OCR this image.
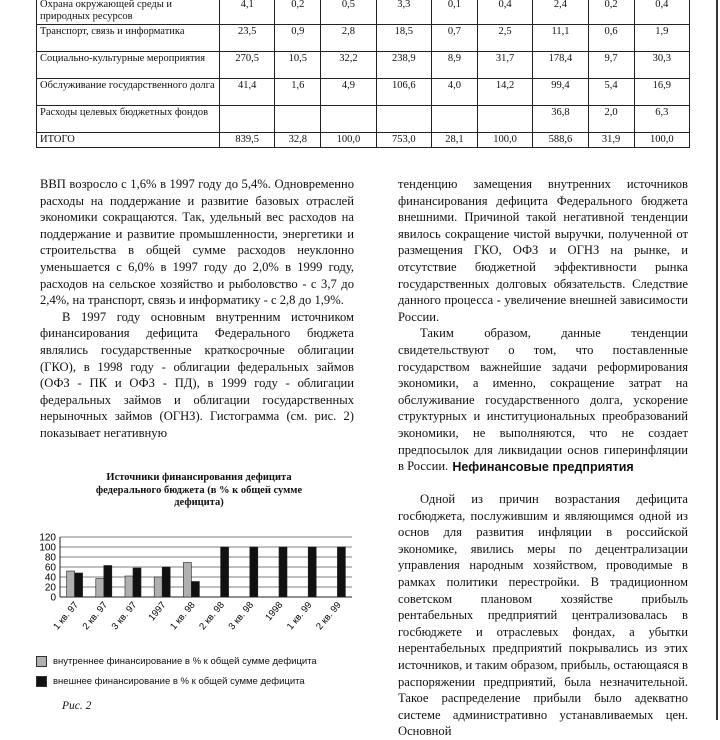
Охрана окружающей среды и природных ресурсов	4,1	0,2	0,5	3,3	0,1	0,4	2,4	0,2	0,4
Транспорт, связь и информатика	23,5	0,9	2,8	18,5	0,7	2,5	11,1	0,6	1,9
Социально-культурные мероприятия	270,5	10,5	32,2	238,9	8,9	31,7	178,4	9,7	30,3
Обслуживание государственного долга	41,4	1,6	4,9	106,6	4,0	14,2	99,4	5,4	16,9
Расходы целевых бюджетных фондов							36,8	2,0	6,3
ИТОГО	839,5	32,8	100,0	753,0	28,1	100,0	588,6	31,9	100,0

ВВП возросло с 1,6% в 1997 году до 5,4%. Одновременно расходы на поддержание и развитие базовых отраслей экономики сокращаются. Так, удельный вес расходов на поддержание и развитие промышленности, энергетики и строительства в общей сумме расходов неуклонно уменьшается с 6,0% в 1997 году до 2,0% в 1999 году, расходов на сельское хозяйство и рыболовство - с 3,7 до 2,4%, на транспорт, связь и информатику - с 2,8 до 1,9%.

В 1997 году основным внутренним источником финансирования дефицита Федерального бюджета являлись государственные краткосрочные облигации (ГКО), в 1998 году - облигации федеральных займов (ОФЗ - ПК и ОФЗ - ПД), в 1999 году - облигации федеральных займов и облигации государственных нерыночных займов (ОГНЗ). Гистограмма (см. рис. 2) показывает негативную

тенденцию замещения внутренних источников финансирования дефицита Федерального бюджета внешними. Причиной такой негативной тенденции явилось сокращение чистой выручки, полученной от размещения ГКО, ОФЗ и ОГНЗ на рынке, и отсутствие бюджетной эффективности рынка государственных долговых обязательств. Следствие данного процесса - увеличение внешней зависимости России.

Таким образом, данные тенденции свидетельствуют о том, что поставленные государством важнейшие задачи реформирования экономики, а именно, сокращение затрат на обслуживание государственного долга, ускорение структурных и институциональных преобразований экономики, не выполняются, что не создает предпосылок для ликвидации основ гиперинфляции в России. Нефинансовые предприятия

Одной из причин возрастания дефицита госбюджета, послужившим и являющимся одной из основ для развития инфляции в российской экономике, явились меры по децентрализации управления народным хозяйством, проводимые в рамках политики перестройки. В традиционном советском плановом хозяйстве прибыль рентабельных предприятий централизовалась в госбюджете и отраслевых фондах, а убытки нерентабельных предприятий покрывались из этих источников, и таким образом, прибыль, остающаяся в распоряжении предприятий, была незначительной. Такое распределение прибыли было адекватно системе административно устанавливаемых цен. Основной

Источники финансирования дефицита федерального бюджета (в % к общей сумме дефицита)
0
20
40
60
80
100
120
1 кв. 97 2 кв. 97 3 кв. 97 1997 1 кв. 98 2 кв. 98 3 кв. 98 1998 1 кв. 99 2 кв. 99
внутреннее финансирование в % к общей сумме дефицита
внешнее финансирование в % к общей сумме дефицита
Рис. 2
